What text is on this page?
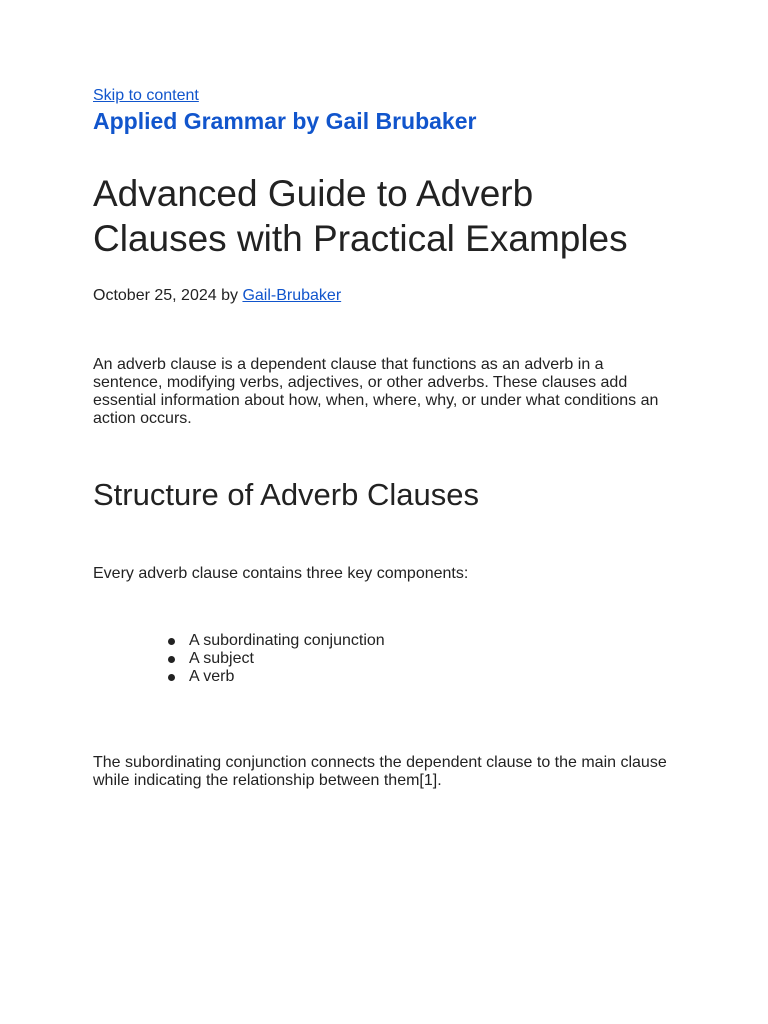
Skip to content
Applied Grammar by Gail Brubaker
Advanced Guide to Adverb Clauses with Practical Examples
October 25, 2024 by Gail-Brubaker

An adverb clause is a dependent clause that functions as an adverb in a sentence, modifying verbs, adjectives, or other adverbs. These clauses add essential information about how, when, where, why, or under what conditions an action occurs.

Structure of Adverb Clauses

Every adverb clause contains three key components:

A subordinating conjunction
A subject
A verb

The subordinating conjunction connects the dependent clause to the main clause while indicating the relationship between them[1].
